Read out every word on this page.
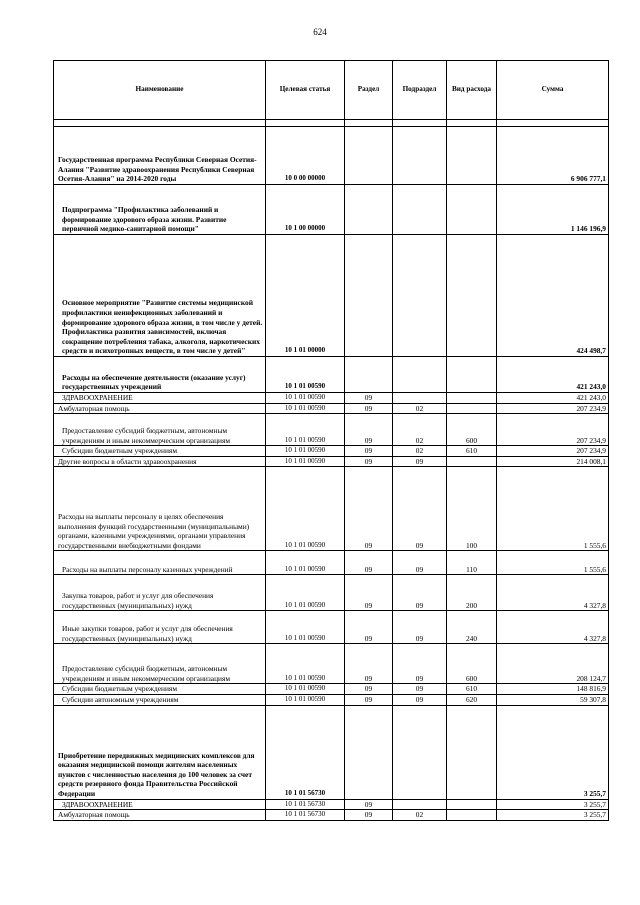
624
Наименование	Целевая статья	Раздел	Подраздел	Вид расхода	Сумма

Государственная программа Республики Северная Осетия-Алания "Развитие здравоохранения Республики Северная Осетия-Алания" на 2014-2020 годы	10 0 00 00000				6 906 777,1
Подпрограмма "Профилактика заболеваний и формирование здорового образа жизни. Развитие первичной медико-санитарной помощи"	10 1 00 00000				1 146 196,9
Основное мероприятие "Развитие системы медицинской профилактики неинфекционных заболеваний и формирование здорового образа жизни, в том числе у детей. Профилактика развития зависимостей, включая сокращение потребления табака, алкоголя, наркотических средств и психотропных веществ, в том числе у детей"	10 1 01 00000				424 498,7
Расходы на обеспечение деятельности (оказание услуг) государственных учреждений	10 1 01 00590				421 243,0
ЗДРАВООХРАНЕНИЕ	10 1 01 00590	09			421 243,0
Амбулаторная помощь	10 1 01 00590	09	02		207 234,9
Предоставление субсидий бюджетным, автономным учреждениям и иным некоммерческим организациям	10 1 01 00590	09	02	600	207 234,9
Субсидии бюджетным учреждениям	10 1 01 00590	09	02	610	207 234,9
Другие вопросы в области здравоохранения	10 1 01 00590	09	09		214 008,1
Расходы на выплаты персоналу в целях обеспечения выполнения функций государственными (муниципальными) органами, казенными учреждениями, органами управления государственными внебюджетными фондами	10 1 01 00590	09	09	100	1 555,6
Расходы на выплаты персоналу казенных учреждений	10 1 01 00590	09	09	110	1 555,6
Закупка товаров, работ и услуг для обеспечения государственных (муниципальных) нужд	10 1 01 00590	09	09	200	4 327,8
Иные закупки товаров, работ и услуг для обеспечения государственных (муниципальных) нужд	10 1 01 00590	09	09	240	4 327,8
Предоставление субсидий бюджетным, автономным учреждениям и иным некоммерческим организациям	10 1 01 00590	09	09	600	208 124,7
Субсидии бюджетным учреждениям	10 1 01 00590	09	09	610	148 816,9
Субсидии автономным учреждениям	10 1 01 00590	09	09	620	59 307,8
Приобретение передвижных медицинских комплексов для оказания медицинской помощи жителям населенных пунктов с численностью населения до 100 человек за счет средств резервного фонда Правительства Российской Федерации	10 1 01 56730				3 255,7
ЗДРАВООХРАНЕНИЕ	10 1 01 56730	09			3 255,7
Амбулаторная помощь	10 1 01 56730	09	02		3 255,7
